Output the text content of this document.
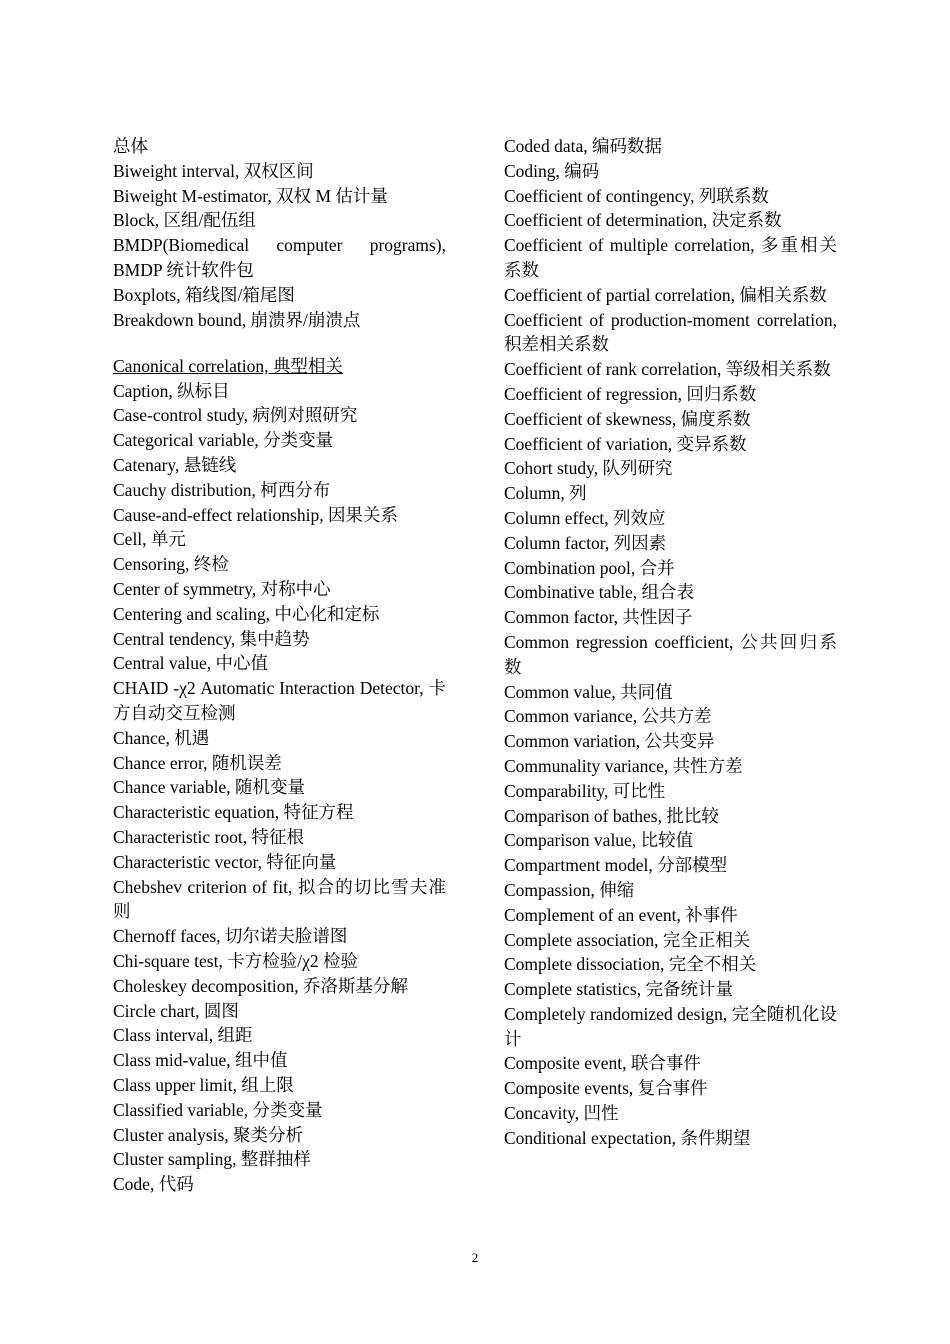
总体
Biweight interval, 双权区间
Biweight M-estimator, 双权 M 估计量
Block, 区组/配伍组
BMDP(Biomedical computer programs), BMDP 统计软件包
Boxplots, 箱线图/箱尾图
Breakdown bound, 崩溃界/崩溃点
Canonical correlation, 典型相关
Caption, 纵标目
Case-control study, 病例对照研究
Categorical variable, 分类变量
Catenary, 悬链线
Cauchy distribution, 柯西分布
Cause-and-effect relationship, 因果关系
Cell, 单元
Censoring, 终检
Center of symmetry, 对称中心
Centering and scaling, 中心化和定标
Central tendency, 集中趋势
Central value, 中心值
CHAID -χ2 Automatic Interaction Detector, 卡方自动交互检测
Chance, 机遇
Chance error, 随机误差
Chance variable, 随机变量
Characteristic equation, 特征方程
Characteristic root, 特征根
Characteristic vector, 特征向量
Chebshev criterion of fit, 拟合的切比雪夫准则
Chernoff faces, 切尔诺夫脸谱图
Chi-square test, 卡方检验/χ2 检验
Choleskey decomposition, 乔洛斯基分解
Circle chart, 圆图
Class interval, 组距
Class mid-value, 组中值
Class upper limit, 组上限
Classified variable, 分类变量
Cluster analysis, 聚类分析
Cluster sampling, 整群抽样
Code, 代码
Coded data, 编码数据
Coding, 编码
Coefficient of contingency, 列联系数
Coefficient of determination, 决定系数
Coefficient of multiple correlation, 多重相关系数
Coefficient of partial correlation, 偏相关系数
Coefficient of production-moment correlation, 积差相关系数
Coefficient of rank correlation, 等级相关系数
Coefficient of regression, 回归系数
Coefficient of skewness, 偏度系数
Coefficient of variation, 变异系数
Cohort study, 队列研究
Column, 列
Column effect, 列效应
Column factor, 列因素
Combination pool, 合并
Combinative table, 组合表
Common factor, 共性因子
Common regression coefficient, 公共回归系数
Common value, 共同值
Common variance, 公共方差
Common variation, 公共变异
Communality variance, 共性方差
Comparability, 可比性
Comparison of bathes, 批比较
Comparison value, 比较值
Compartment model, 分部模型
Compassion, 伸缩
Complement of an event, 补事件
Complete association, 完全正相关
Complete dissociation, 完全不相关
Complete statistics, 完备统计量
Completely randomized design, 完全随机化设计
Composite event, 联合事件
Composite events, 复合事件
Concavity, 凹性
Conditional expectation, 条件期望
2
